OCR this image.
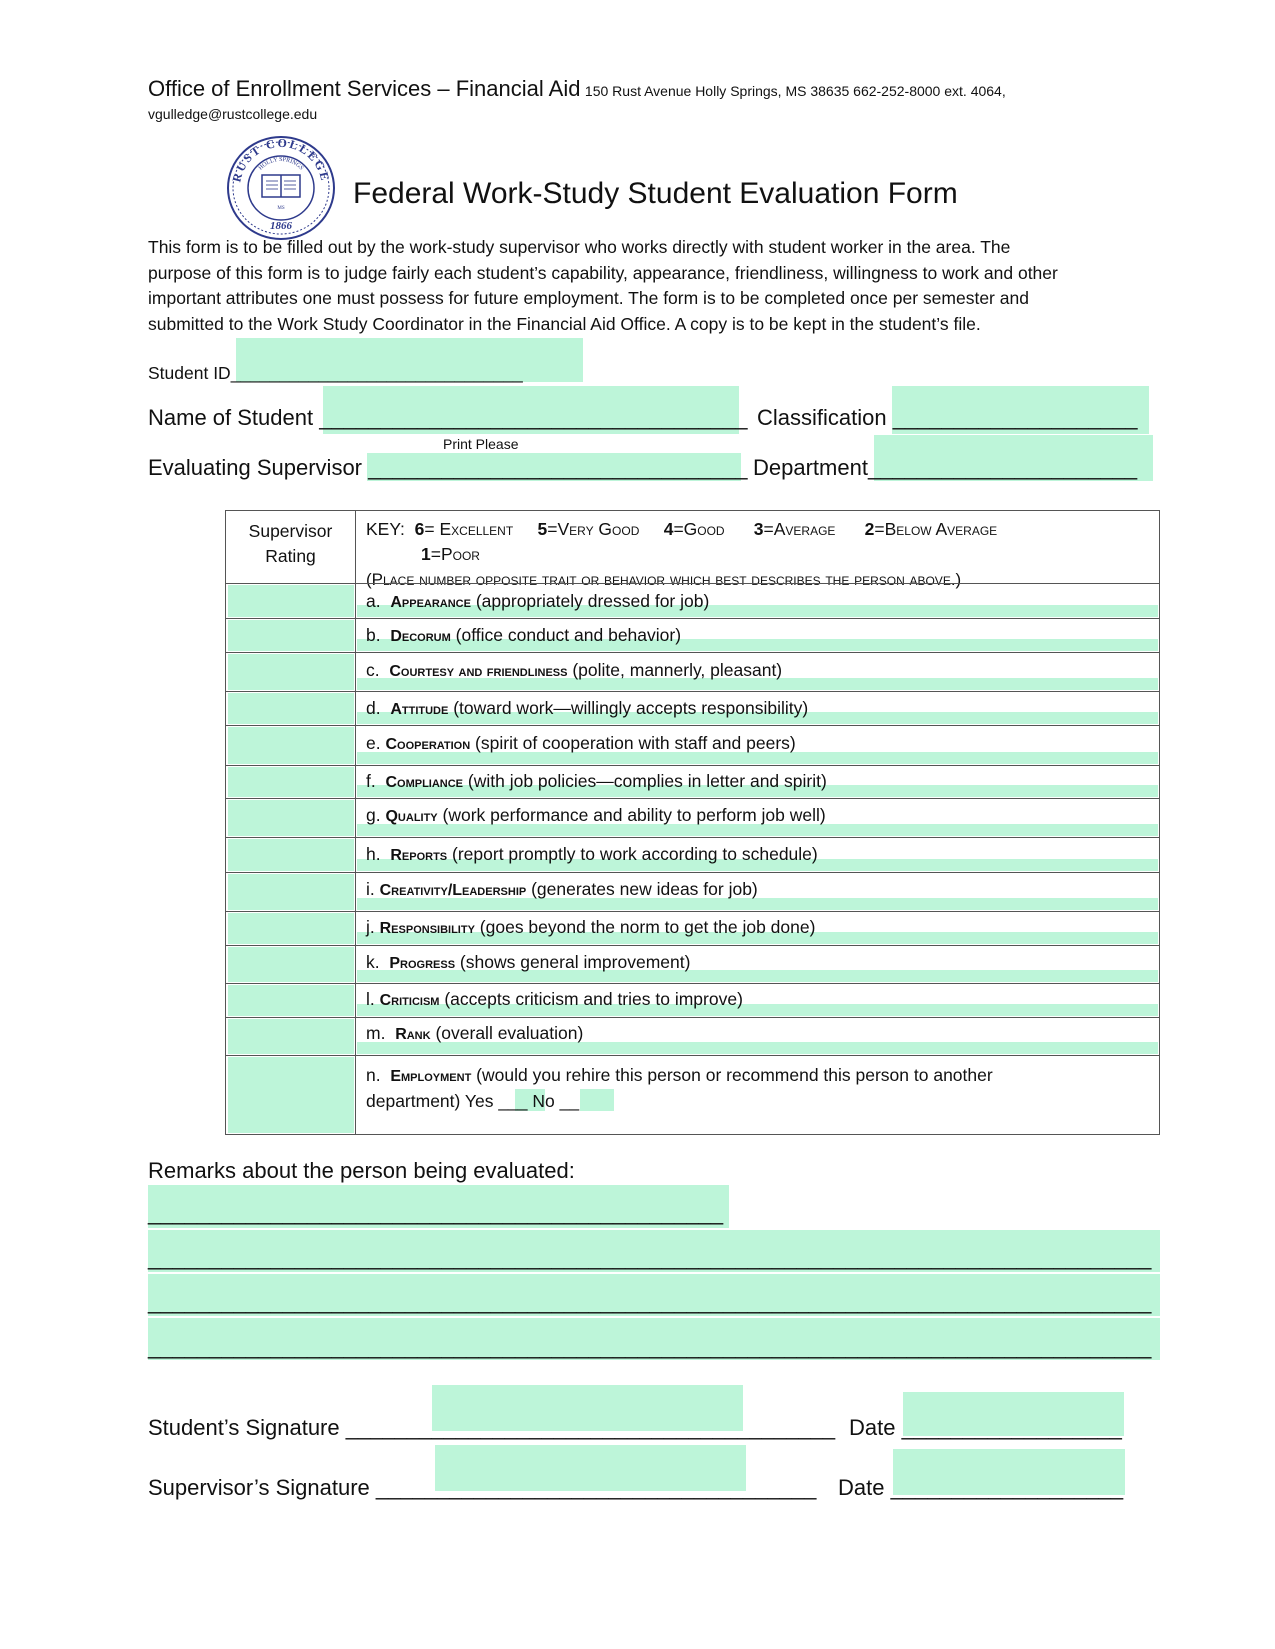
Office of Enrollment Services – Financial Aid 150 Rust Avenue Holly Springs, MS 38635 662-252-8000 ext. 4064,
vgulledge@rustcollege.edu
RUST COLLEGE
HOLLY SPRINGS
MS
1866
Federal Work-Study Student Evaluation Form
This form is to be filled out by the work-study supervisor who works directly with student worker in the area. The
purpose of this form is to judge fairly each student’s capability, appearance, friendliness, willingness to work and other
important attributes one must possess for future employment. The form is to be completed once per semester and
submitted to the Work Study Coordinator in the Financial Aid Office. A copy is to be kept in the student’s file.
Student ID______________________________
Name of Student ___________________________________ Classification ____________________
Print Please
Evaluating Supervisor _______________________________ Department______________________
Supervisor
Rating
KEY: 6= Excellent 5=Very Good 4=Good 3=Average 2=Below Average
1=Poor
(Place number opposite trait or behavior which best describes the person above.)
a. Appearance (appropriately dressed for job)
b. Decorum (office conduct and behavior)
c. Courtesy and friendliness (polite, mannerly, pleasant)
d. Attitude (toward work—willingly accepts responsibility)
e. Cooperation (spirit of cooperation with staff and peers)
f. Compliance (with job policies—complies in letter and spirit)
g. Quality (work performance and ability to perform job well)
h. Reports (report promptly to work according to schedule)
i. Creativity/Leadership (generates new ideas for job)
j. Responsibility (goes beyond the norm to get the job done)
k. Progress (shows general improvement)
l. Criticism (accepts criticism and tries to improve)
m. Rank (overall evaluation)
n. Employment (would you rehire this person or recommend this person to another
department) Yes ___ No __
Remarks about the person being evaluated:
_______________________________________________
__________________________________________________________________________________
__________________________________________________________________________________
__________________________________________________________________________________
Student’s Signature ________________________________________ Date __________________
Supervisor’s Signature ____________________________________ Date ___________________
